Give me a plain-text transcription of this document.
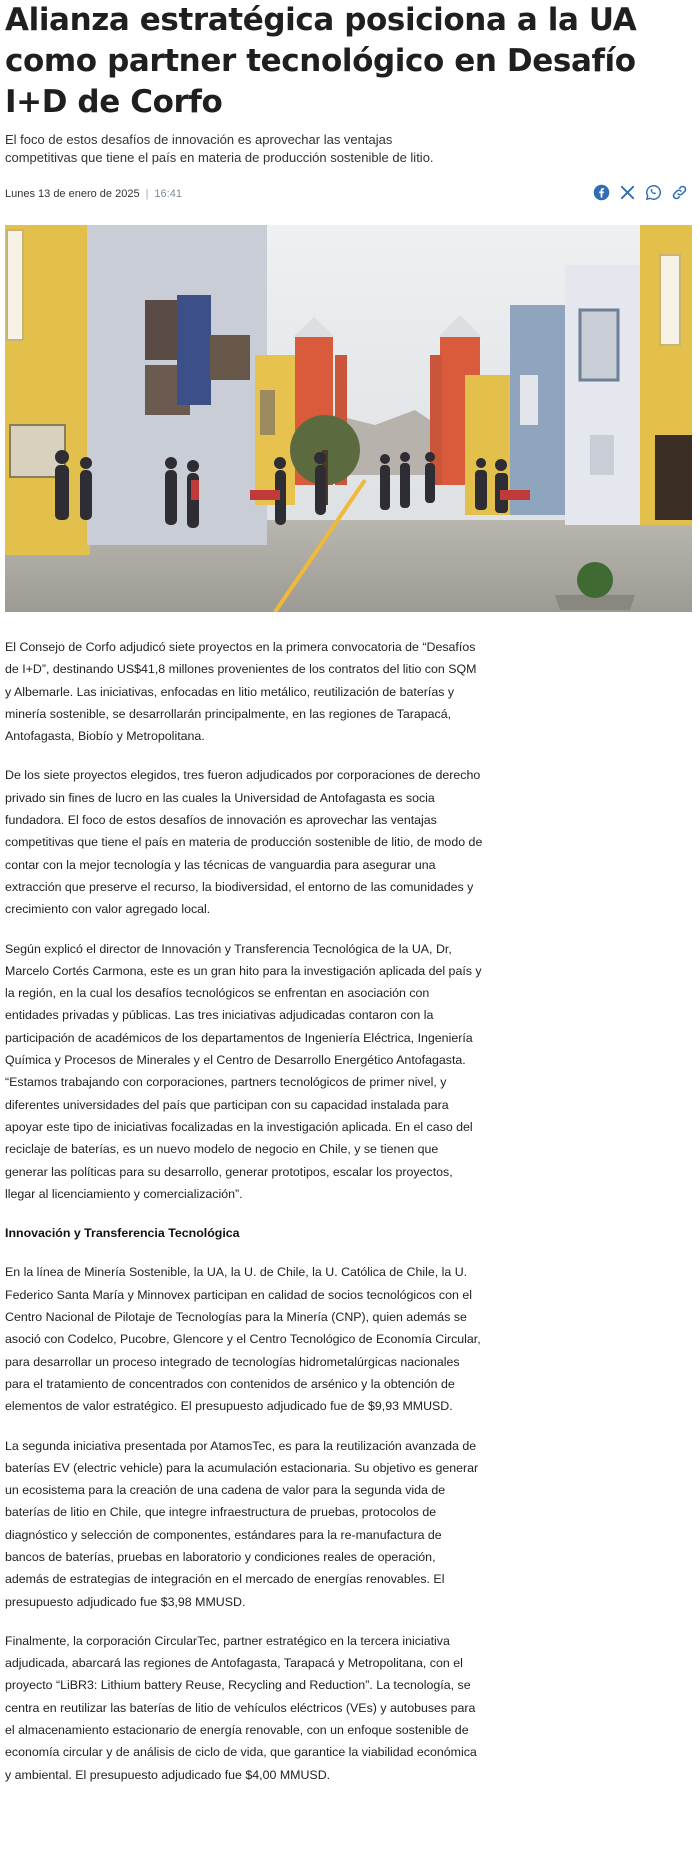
Alianza estratégica posiciona a la UA como partner tecnológico en Desafío I+D de Corfo

El foco de estos desafíos de innovación es aprovechar las ventajas competitivas que tiene el país en materia de producción sostenible de litio.

Lunes 13 de enero de 2025 | 16:41

El Consejo de Corfo adjudicó siete proyectos en la primera convocatoria de “Desafíos de I+D”, destinando US$41,8 millones provenientes de los contratos del litio con SQM y Albemarle. Las iniciativas, enfocadas en litio metálico, reutilización de baterías y minería sostenible, se desarrollarán principalmente, en las regiones de Tarapacá, Antofagasta, Biobío y Metropolitana.

De los siete proyectos elegidos, tres fueron adjudicados por corporaciones de derecho privado sin fines de lucro en las cuales la Universidad de Antofagasta es socia fundadora. El foco de estos desafíos de innovación es aprovechar las ventajas competitivas que tiene el país en materia de producción sostenible de litio, de modo de contar con la mejor tecnología y las técnicas de vanguardia para asegurar una extracción que preserve el recurso, la biodiversidad, el entorno de las comunidades y crecimiento con valor agregado local.

Según explicó el director de Innovación y Transferencia Tecnológica de la UA, Dr, Marcelo Cortés Carmona, este es un gran hito para la investigación aplicada del país y la región, en la cual los desafíos tecnológicos se enfrentan en asociación con entidades privadas y públicas. Las tres iniciativas adjudicadas contaron con la participación de académicos de los departamentos de Ingeniería Eléctrica, Ingeniería Química y Procesos de Minerales y el Centro de Desarrollo Energético Antofagasta. “Estamos trabajando con corporaciones, partners tecnológicos de primer nivel, y diferentes universidades del país que participan con su capacidad instalada para apoyar este tipo de iniciativas focalizadas en la investigación aplicada. En el caso del reciclaje de baterías, es un nuevo modelo de negocio en Chile, y se tienen que generar las políticas para su desarrollo, generar prototipos, escalar los proyectos, llegar al licenciamiento y comercialización”.

Innovación y Transferencia Tecnológica

En la línea de Minería Sostenible, la UA, la U. de Chile, la U. Católica de Chile, la U. Federico Santa María y Minnovex participan en calidad de socios tecnológicos con el Centro Nacional de Pilotaje de Tecnologías para la Minería (CNP), quien además se asoció con Codelco, Pucobre, Glencore y el Centro Tecnológico de Economía Circular, para desarrollar un proceso integrado de tecnologías hidrometalúrgicas nacionales para el tratamiento de concentrados con contenidos de arsénico y la obtención de elementos de valor estratégico. El presupuesto adjudicado fue de $9,93 MMUSD.

La segunda iniciativa presentada por AtamosTec, es para la reutilización avanzada de baterías EV (electric vehicle) para la acumulación estacionaria. Su objetivo es generar un ecosistema para la creación de una cadena de valor para la segunda vida de baterías de litio en Chile, que integre infraestructura de pruebas, protocolos de diagnóstico y selección de componentes, estándares para la re-manufactura de bancos de baterías, pruebas en laboratorio y condiciones reales de operación, además de estrategias de integración en el mercado de energías renovables. El presupuesto adjudicado fue $3,98 MMUSD.

Finalmente, la corporación CircularTec, partner estratégico en la tercera iniciativa adjudicada, abarcará las regiones de Antofagasta, Tarapacá y Metropolitana, con el proyecto “LiBR3: Lithium battery Reuse, Recycling and Reduction”. La tecnología, se centra en reutilizar las baterías de litio de vehículos eléctricos (VEs) y autobuses para el almacenamiento estacionario de energía renovable, con un enfoque sostenible de economía circular y de análisis de ciclo de vida, que garantice la viabilidad económica y ambiental. El presupuesto adjudicado fue $4,00 MMUSD.
